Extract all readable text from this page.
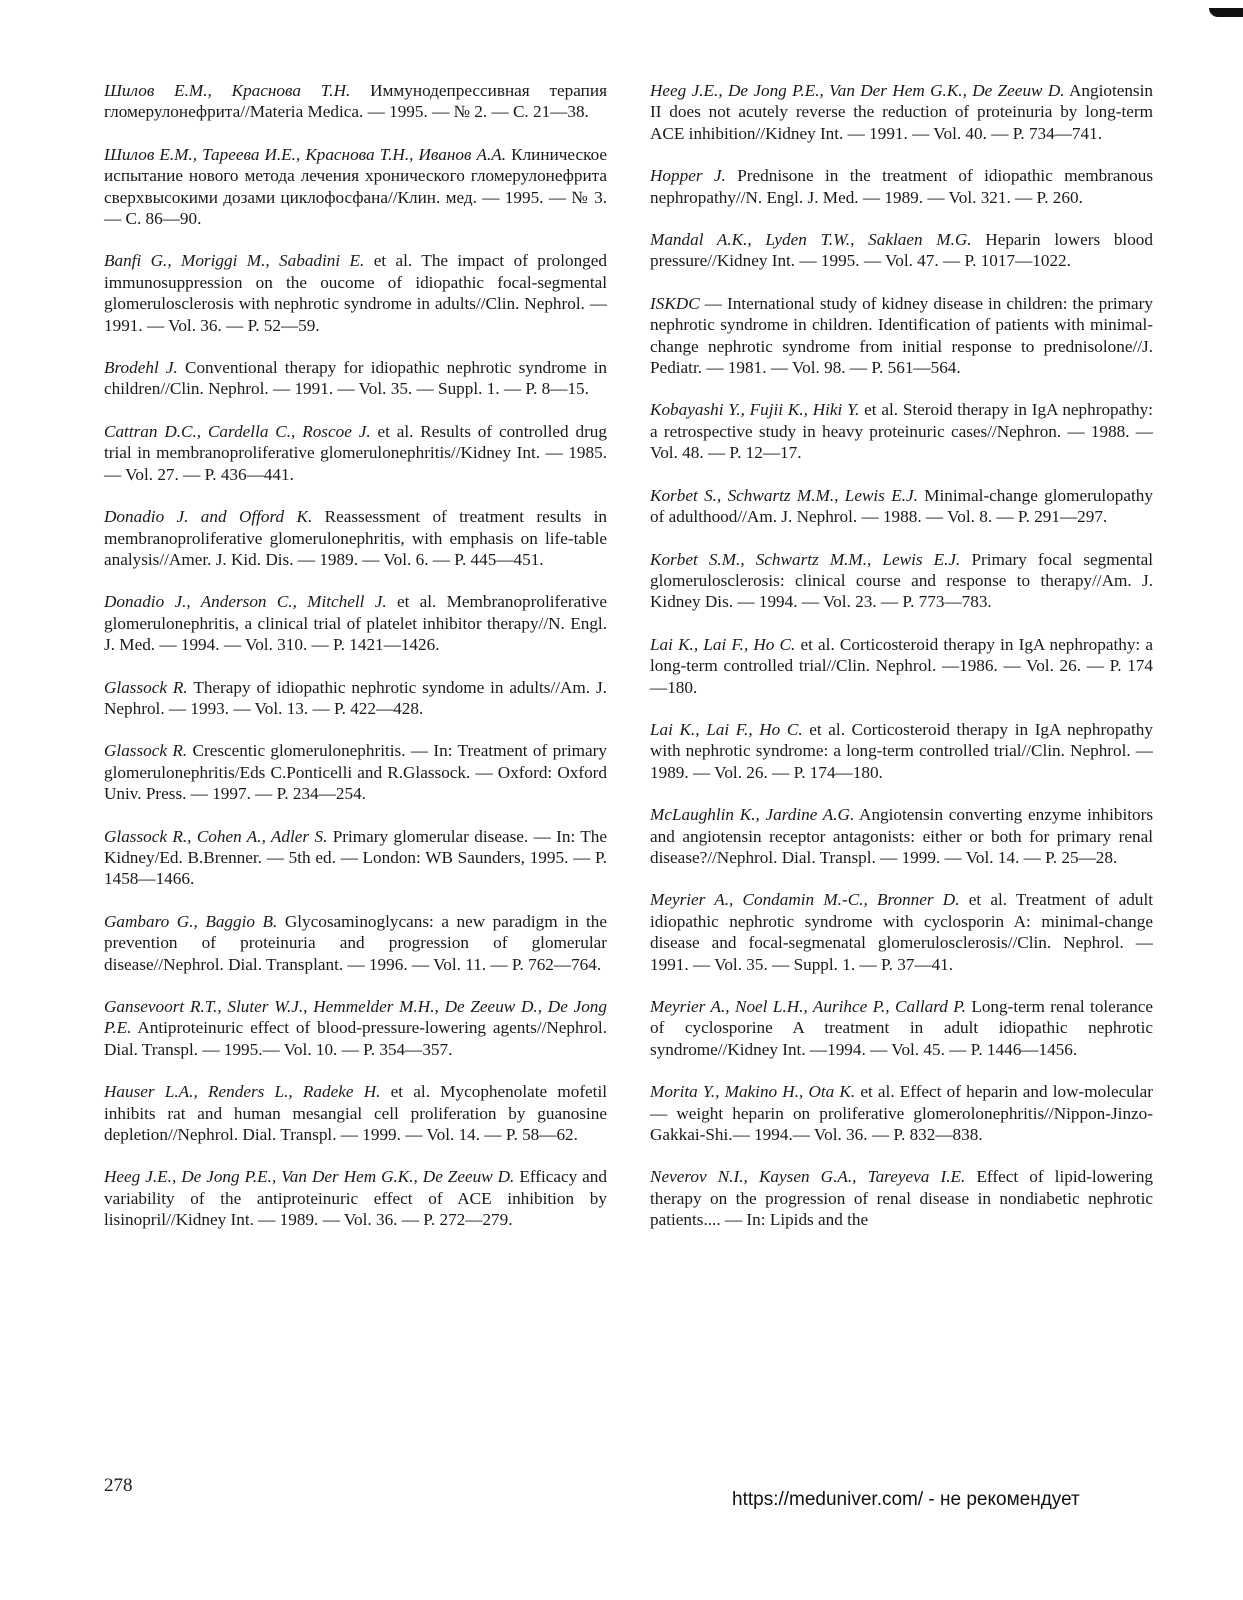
Шилов Е.М., Краснова Т.Н. Иммунодепрессивная терапия гломерулонефрита//Materia Medica. — 1995. — № 2. — С. 21—38.

Шилов Е.М., Тареева И.Е., Краснова Т.Н., Иванов А.А. Клиническое испытание нового метода лечения хронического гломерулонефрита сверхвысокими дозами циклофосфана//Клин. мед. — 1995. — № 3. — С. 86—90.

Banfi G., Moriggi M., Sabadini E. et al. The impact of prolonged immunosuppression on the oucome of idiopathic focal-segmental glomerulosclerosis with nephrotic syndrome in adults//Clin. Nephrol. — 1991. — Vol. 36. — P. 52—59.

Brodehl J. Conventional therapy for idiopathic nephrotic syndrome in children//Clin. Nephrol. — 1991. — Vol. 35. — Suppl. 1. — P. 8—15.

Cattran D.C., Cardella C., Roscoe J. et al. Results of controlled drug trial in membranoproliferative glomerulonephritis//Kidney Int. — 1985. — Vol. 27. — P. 436—441.

Donadio J. and Offord K. Reassessment of treatment results in membranoproliferative glomerulonephritis, with emphasis on life-table analysis//Amer. J. Kid. Dis. — 1989. — Vol. 6. — P. 445—451.

Donadio J., Anderson C., Mitchell J. et al. Membranoproliferative glomerulonephritis, a clinical trial of platelet inhibitor therapy//N. Engl. J. Med. — 1994. — Vol. 310. — P. 1421—1426.

Glassock R. Therapy of idiopathic nephrotic syndome in adults//Am. J. Nephrol. — 1993. — Vol. 13. — P. 422—428.

Glassock R. Crescentic glomerulonephritis. — In: Treatment of primary glomerulonephritis/Eds C.Ponticelli and R.Glassock. — Oxford: Oxford Univ. Press. — 1997. — P. 234—254.

Glassock R., Cohen A., Adler S. Primary glomerular disease. — In: The Kidney/Ed. B.Brenner. — 5th ed. — London: WB Saunders, 1995. — P. 1458—1466.

Gambaro G., Baggio B. Glycosaminoglycans: a new paradigm in the prevention of proteinuria and progression of glomerular disease//Nephrol. Dial. Transplant. — 1996. — Vol. 11. — P. 762—764.

Gansevoort R.T., Sluter W.J., Hemmelder M.H., De Zeeuw D., De Jong P.E. Antiproteinuric effect of blood-pressure-lowering agents//Nephrol. Dial. Transpl. — 1995.— Vol. 10. — P. 354—357.

Hauser L.A., Renders L., Radeke H. et al. Mycophenolate mofetil inhibits rat and human mesangial cell proliferation by guanosine depletion//Nephrol. Dial. Transpl. — 1999. — Vol. 14. — P. 58—62.

Heeg J.E., De Jong P.E., Van Der Hem G.K., De Zeeuw D. Efficacy and variability of the antiproteinuric effect of ACE inhibition by lisinopril//Kidney Int. — 1989. — Vol. 36. — P. 272—279.

Heeg J.E., De Jong P.E., Van Der Hem G.K., De Zeeuw D. Angiotensin II does not acutely reverse the reduction of proteinuria by long-term ACE inhibition//Kidney Int. — 1991. — Vol. 40. — P. 734—741.

Hopper J. Prednisone in the treatment of idiopathic membranous nephropathy//N. Engl. J. Med. — 1989. — Vol. 321. — P. 260.

Mandal A.K., Lyden T.W., Saklaen M.G. Heparin lowers blood pressure//Kidney Int. — 1995. — Vol. 47. — P. 1017—1022.

ISKDC — International study of kidney disease in children: the primary nephrotic syndrome in children. Identification of patients with minimal-change nephrotic syndrome from initial response to prednisolone//J. Pediatr. — 1981. — Vol. 98. — P. 561—564.

Kobayashi Y., Fujii K., Hiki Y. et al. Steroid therapy in IgA nephropathy: a retrospective study in heavy proteinuric cases//Nephron. — 1988. — Vol. 48. — P. 12—17.

Korbet S., Schwartz M.M., Lewis E.J. Minimal-change glomerulopathy of adulthood//Am. J. Nephrol. — 1988. — Vol. 8. — P. 291—297.

Korbet S.M., Schwartz M.M., Lewis E.J. Primary focal segmental glomerulosclerosis: clinical course and response to therapy//Am. J. Kidney Dis. — 1994. — Vol. 23. — P. 773—783.

Lai K., Lai F., Ho C. et al. Corticosteroid therapy in IgA nephropathy: a long-term controlled trial//Clin. Nephrol. —1986. — Vol. 26. — P. 174—180.

Lai K., Lai F., Ho C. et al. Corticosteroid therapy in IgA nephropathy with nephrotic syndrome: a long-term controlled trial//Clin. Nephrol. — 1989. — Vol. 26. — P. 174—180.

McLaughlin K., Jardine A.G. Angiotensin converting enzyme inhibitors and angiotensin receptor antagonists: either or both for primary renal disease?//Nephrol. Dial. Transpl. — 1999. — Vol. 14. — P. 25—28.

Meyrier A., Condamin M.-C., Bronner D. et al. Treatment of adult idiopathic nephrotic syndrome with cyclosporin A: minimal-change disease and focal-segmenatal glomerulosclerosis//Clin. Nephrol. — 1991. — Vol. 35. — Suppl. 1. — P. 37—41.

Meyrier A., Noel L.H., Aurihce P., Callard P. Long-term renal tolerance of cyclosporine A treatment in adult idiopathic nephrotic syndrome//Kidney Int. —1994. — Vol. 45. — P. 1446—1456.

Morita Y., Makino H., Ota K. et al. Effect of heparin and low-molecular — weight heparin on proliferative glomerolonephritis//Nippon-Jinzo-Gakkai-Shi.— 1994.— Vol. 36. — P. 832—838.

Neverov N.I., Kaysen G.A., Tareyeva I.E. Effect of lipid-lowering therapy on the progression of renal disease in nondiabetic nephrotic patients.... — In: Lipids and the

278
https://meduniver.com/ - не рекомендует
